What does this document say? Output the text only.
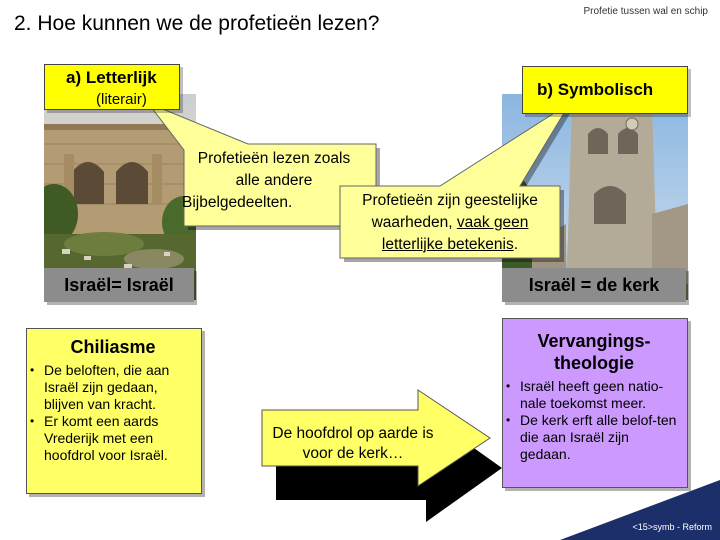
2. Hoe kunnen we de profetieën lezen?
Profetie tussen wal en schip
a) Letterlijk
(literair)
b) Symbolisch
Profetieën lezen zoals
alle andere
Bijbelgedeelten.	Profetieën zijn geestelijke
waarheden, vaak geen
letterlijke betekenis.
Israël= Israël	Israël = de kerk
Chiliasme
• De beloften, die aan Israël zijn gedaan, blijven van kracht.
• Er komt een aards Vrederijk met een hoofdrol voor Israël.
De hoofdrol op aarde is voor de kerk…
Vervangings-
theologie
• Israël heeft geen natio-nale toekomst meer.
• De kerk erft alle belof-ten die aan Israël zijn gedaan.
<15>symb - Reform
